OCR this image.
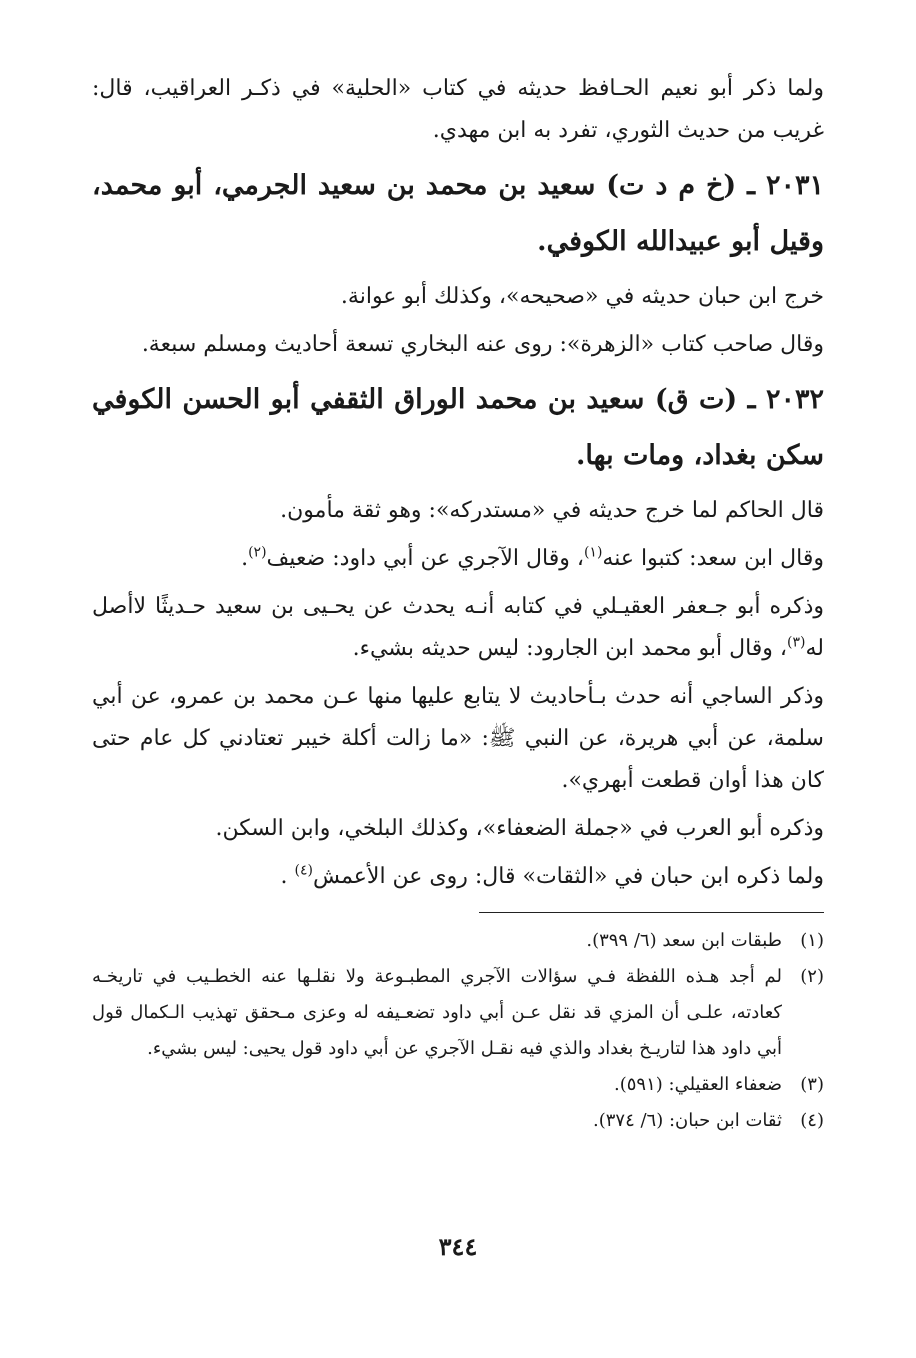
ولما ذكر أبو نعيم الحـافظ حديثه في كتاب «الحلية» في ذكـر العراقيب، قال: غريب من حديث الثوري، تفرد به ابن مهدي.

٢٠٣١ ـ (خ م د ت) سعيد بن محمد بن سعيد الجرمي، أبو محمد، وقيل أبو عبيدالله الكوفي.

خرج ابن حبان حديثه في «صحيحه»، وكذلك أبو عوانة.

وقال صاحب كتاب «الزهرة»: روى عنه البخاري تسعة أحاديث ومسلم سبعة.

٢٠٣٢ ـ (ت ق) سعيد بن محمد الوراق الثقفي أبو الحسن الكوفي سكن بغداد، ومات بها.

قال الحاكم لما خرج حديثه في «مستدركه»: وهو ثقة مأمون.

وقال ابن سعد: كتبوا عنه$^{(١)}$، وقال الآجري عن أبي داود: ضعيف$^{(٢)}$.

وذكره أبو جـعفر العقيـلي في كتابه أنـه يحدث عن يحـيى بن سعيد حـديثًا لاأصل له$^{(٣)}$، وقال أبو محمد ابن الجارود: ليس حديثه بشيء.

وذكر الساجي أنه حدث بـأحاديث لا يتابع عليها منها عـن محمد بن عمرو، عن أبي سلمة، عن أبي هريرة، عن النبي ﷺ: «ما زالت أكلة خيبر تعتادني كل عام حتى كان هذا أوان قطعت أبهري».

وذكره أبو العرب في «جملة الضعفاء»، وكذلك البلخي، وابن السكن.

ولما ذكره ابن حبان في «الثقات» قال: روى عن الأعمش$^{(٤)}$ .

(١)
طبقات ابن سعد (٦/ ٣٩٩).

(٢)
لم أجد هـذه اللفظة فـي سؤالات الآجري المطبـوعة ولا نقلـها عنه الخطـيب في تاريخـه كعادته، علـى أن المزي قد نقل عـن أبي داود تضعـيفه له وعزى مـحقق تهذيب الـكمال قول أبي داود هذا لتاريـخ بغداد والذي فيه نقـل الآجري عن أبي داود قول يحيى: ليس بشيء.

(٣)
ضعفاء العقيلي: (٥٩١).

(٤)
ثقات ابن حبان: (٦/ ٣٧٤).

٣٤٤
